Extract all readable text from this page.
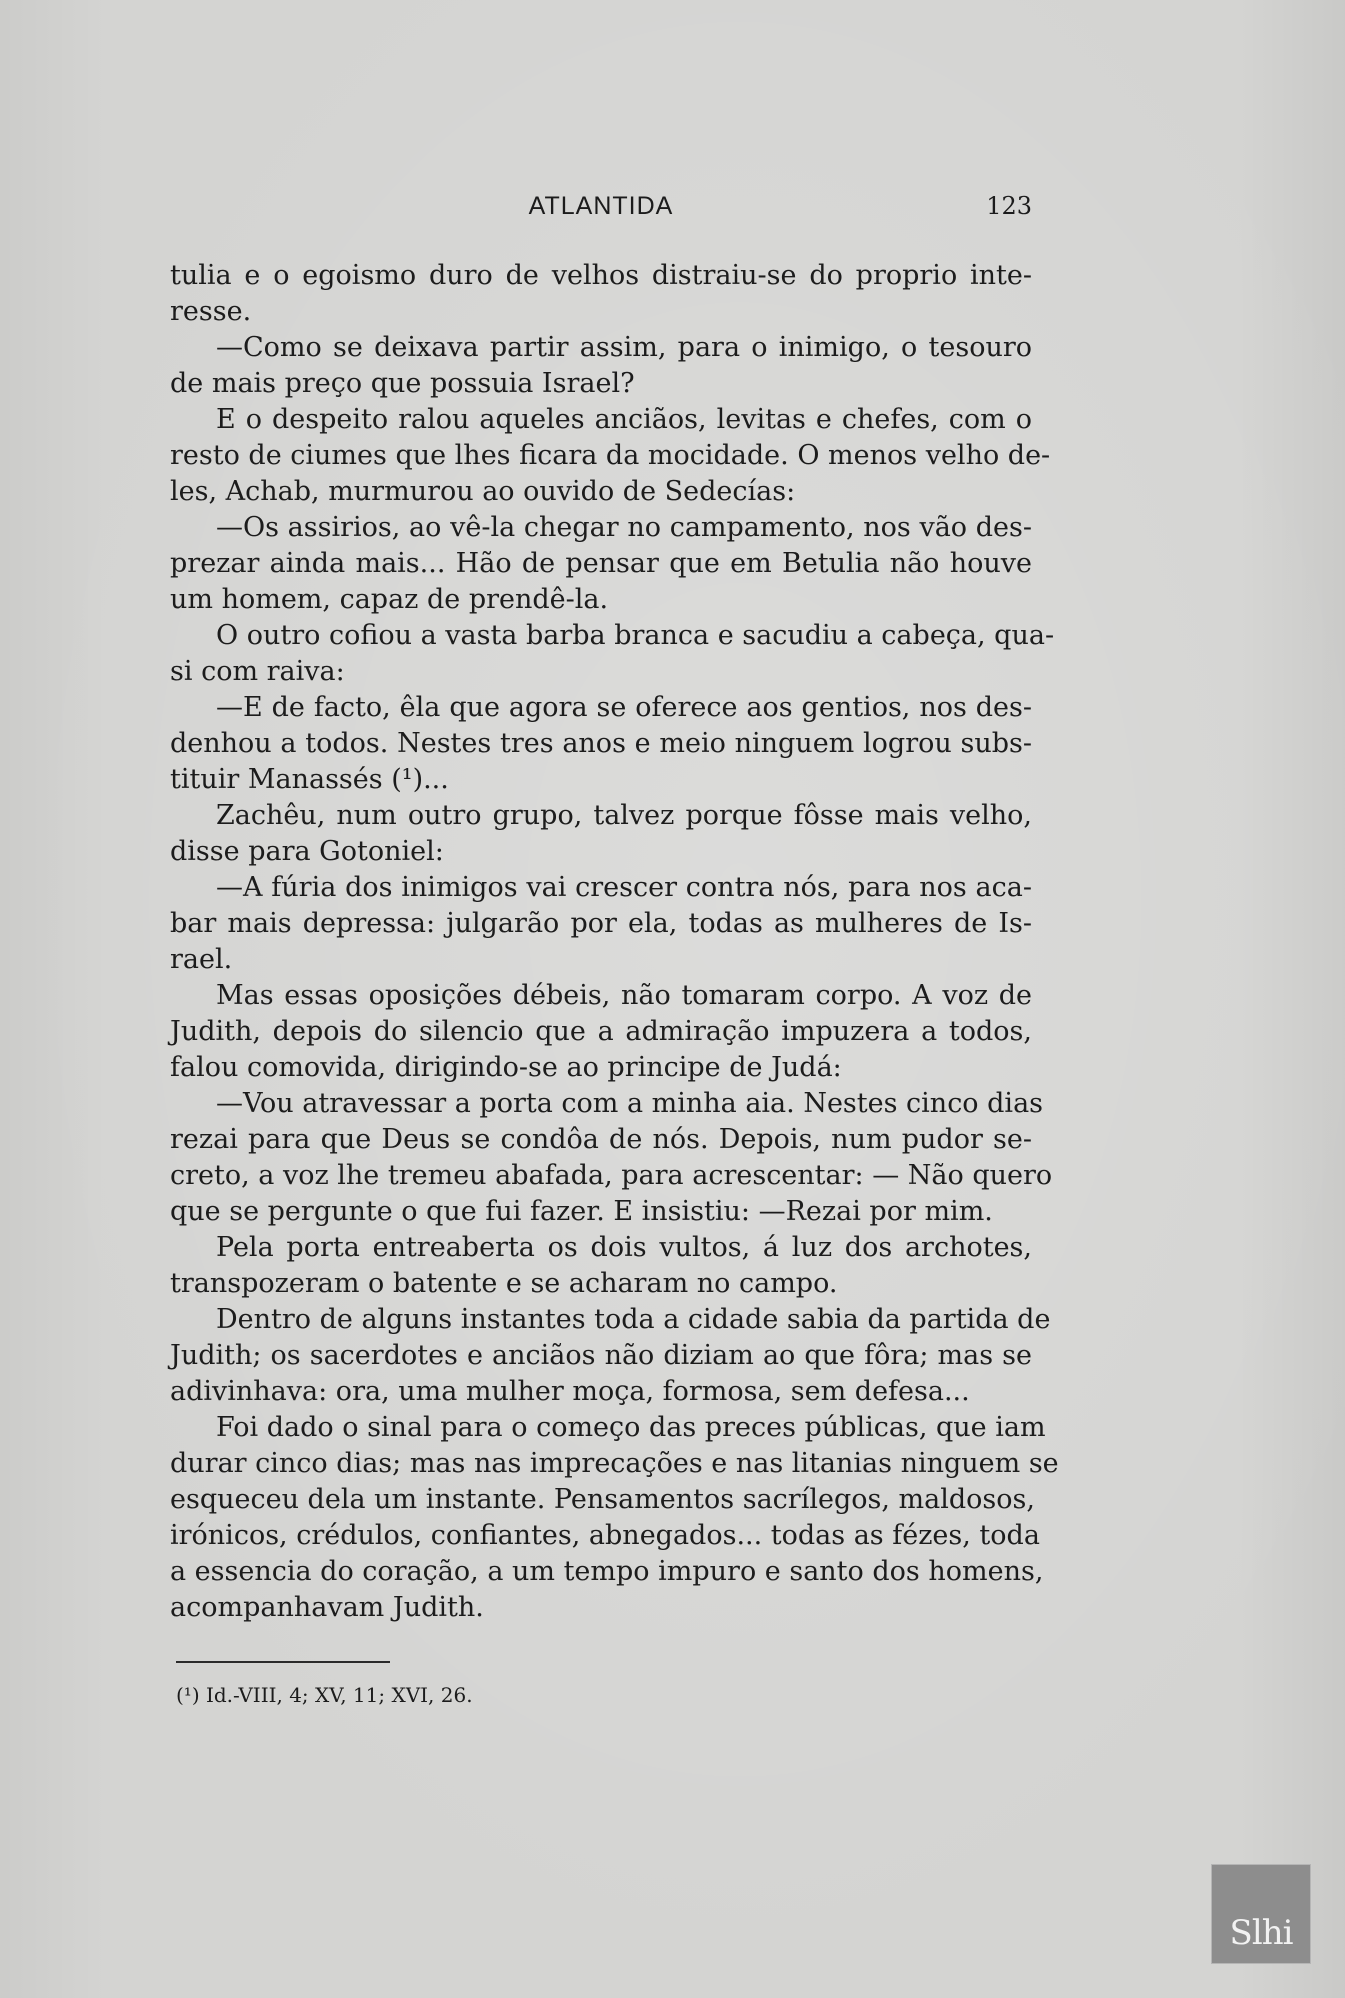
ATLANTIDA	123
tulia e o egoismo duro de velhos distraiu-se do proprio inte-
resse.
—Como se deixava partir assim, para o inimigo, o tesouro
de mais preço que possuia Israel?
E o despeito ralou aqueles anciãos, levitas e chefes, com o
resto de ciumes que lhes ficara da mocidade. O menos velho de-
les, Achab, murmurou ao ouvido de Sedecías:
—Os assirios, ao vê-la chegar no campamento, nos vão des-
prezar ainda mais... Hão de pensar que em Betulia não houve
um homem, capaz de prendê-la.
O outro cofiou a vasta barba branca e sacudiu a cabeça, qua-
si com raiva:
—E de facto, êla que agora se oferece aos gentios, nos des-
denhou a todos. Nestes tres anos e meio ninguem logrou subs-
tituir Manassés (¹)...
Zachêu, num outro grupo, talvez porque fôsse mais velho,
disse para Gotoniel:
—A fúria dos inimigos vai crescer contra nós, para nos aca-
bar mais depressa: julgarão por ela, todas as mulheres de Is-
rael.
Mas essas oposições débeis, não tomaram corpo. A voz de
Judith, depois do silencio que a admiração impuzera a todos,
falou comovida, dirigindo-se ao principe de Judá:
—Vou atravessar a porta com a minha aia. Nestes cinco dias
rezai para que Deus se condôa de nós. Depois, num pudor se-
creto, a voz lhe tremeu abafada, para acrescentar: — Não quero
que se pergunte o que fui fazer. E insistiu: —Rezai por mim.
Pela porta entreaberta os dois vultos, á luz dos archotes,
transpozeram o batente e se acharam no campo.
Dentro de alguns instantes toda a cidade sabia da partida de
Judith; os sacerdotes e anciãos não diziam ao que fôra; mas se
adivinhava: ora, uma mulher moça, formosa, sem defesa...
Foi dado o sinal para o começo das preces públicas, que iam
durar cinco dias; mas nas imprecações e nas litanias ninguem se
esqueceu dela um instante. Pensamentos sacrílegos, maldosos,
irónicos, crédulos, confiantes, abnegados... todas as fézes, toda
a essencia do coração, a um tempo impuro e santo dos homens,
acompanhavam Judith.
(¹) Id.-VIII, 4; XV, 11; XVI, 26.
Slhi
